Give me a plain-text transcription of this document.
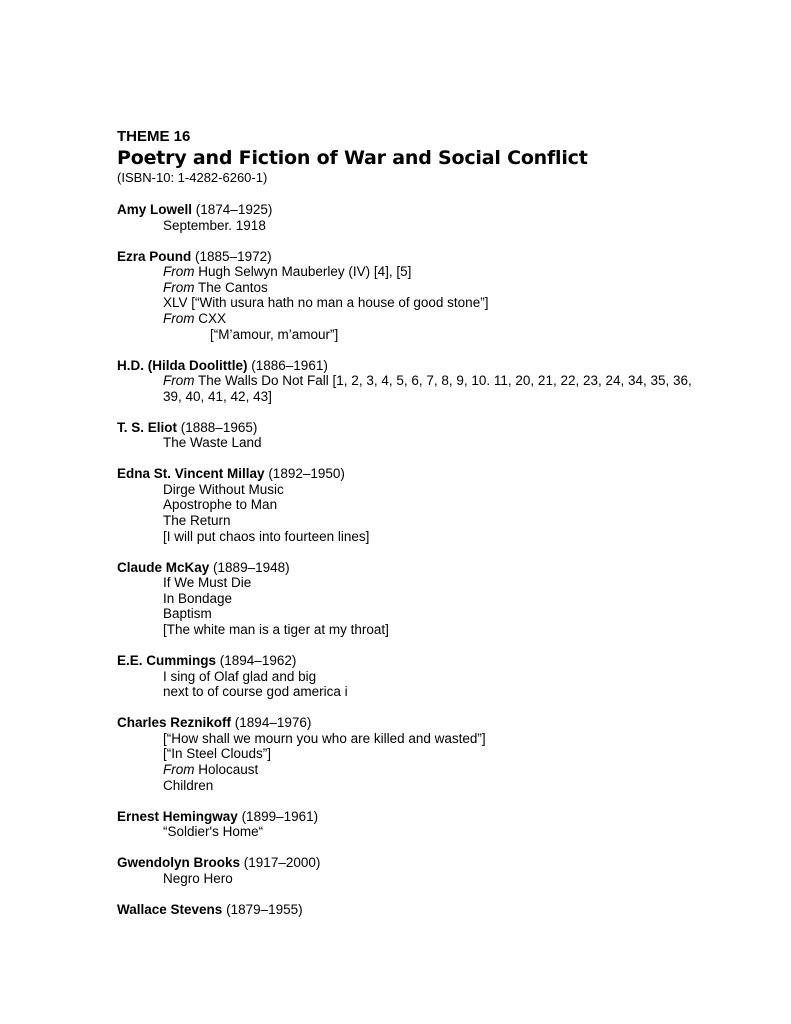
THEME 16
Poetry and Fiction of War and Social Conflict
(ISBN-10: 1-4282-6260-1)
Amy Lowell (1874–1925)
September. 1918
Ezra Pound (1885–1972)
From Hugh Selwyn Mauberley (IV) [4], [5]
From The Cantos
XLV [“With usura hath no man a house of good stone”]
From CXX
[“M’amour, m’amour”]
H.D. (Hilda Doolittle) (1886–1961)
From The Walls Do Not Fall [1, 2, 3, 4, 5, 6, 7, 8, 9, 10. 11, 20, 21, 22, 23, 24, 34, 35, 36, 39, 40, 41, 42, 43]
T. S. Eliot (1888–1965)
The Waste Land
Edna St. Vincent Millay (1892–1950)
Dirge Without Music
Apostrophe to Man
The Return
[I will put chaos into fourteen lines]
Claude McKay (1889–1948)
If We Must Die
In Bondage
Baptism
[The white man is a tiger at my throat]
E.E. Cummings (1894–1962)
I sing of Olaf glad and big
next to of course god america i
Charles Reznikoff (1894–1976)
[“How shall we mourn you who are killed and wasted”]
[“In Steel Clouds”]
From Holocaust
Children
Ernest Hemingway (1899–1961)
“Soldier's Home“
Gwendolyn Brooks (1917–2000)
Negro Hero
Wallace Stevens (1879–1955)
